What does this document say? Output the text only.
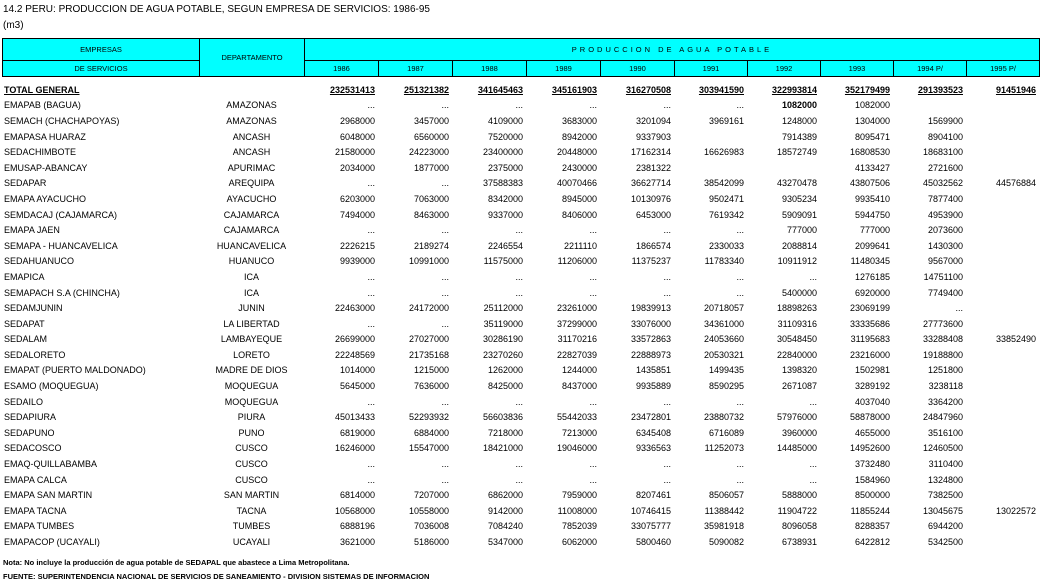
14.2 PERU: PRODUCCION DE AGUA POTABLE, SEGUN EMPRESA DE SERVICIOS: 1986-95
(m3)
EMPRESAS	DEPARTAMENTO	PRODUCCION DE AGUA POTABLE									
DE SERVICIOS		1986	1987	1988	1989	1990	1991	1992	1993	1994 P/	1995 P/
TOTAL GENERAL		232531413	251321382	341645463	345161903	316270508	303941590	322993814	352179499	291393523	91451946
EMAPAB (BAGUA)	AMAZONAS	...	...	...	...	...	...	1082000	1082000		
SEMACH (CHACHAPOYAS)	AMAZONAS	2968000	3457000	4109000	3683000	3201094	3969161	1248000	1304000	1569900	
EMAPASA HUARAZ	ANCASH	6048000	6560000	7520000	8942000	9337903		7914389	8095471	8904100	
SEDACHIMBOTE	ANCASH	21580000	24223000	23400000	20448000	17162314	16626983	18572749	16808530	18683100	
EMUSAP-ABANCAY	APURIMAC	2034000	1877000	2375000	2430000	2381322			4133427	2721600	
SEDAPAR	AREQUIPA	...	...	37588383	40070466	36627714	38542099	43270478	43807506	45032562	44576884
EMAPA AYACUCHO	AYACUCHO	6203000	7063000	8342000	8945000	10130976	9502471	9305234	9935410	7877400	
SEMDACAJ (CAJAMARCA)	CAJAMARCA	7494000	8463000	9337000	8406000	6453000	7619342	5909091	5944750	4953900	
EMAPA JAEN	CAJAMARCA	...	...	...	...	...	...	777000	777000	2073600	
SEMAPA - HUANCAVELICA	HUANCAVELICA	2226215	2189274	2246554	2211110	1866574	2330033	2088814	2099641	1430300	
SEDAHUANUCO	HUANUCO	9939000	10991000	11575000	11206000	11375237	11783340	10911912	11480345	9567000	
EMAPICA	ICA	...	...	...	...	...	...	...	1276185	14751100	
SEMAPACH S.A (CHINCHA)	ICA	...	...	...	...	...	...	5400000	6920000	7749400	
SEDAMJUNIN	JUNIN	22463000	24172000	25112000	23261000	19839913	20718057	18898263	23069199	...	
SEDAPAT	LA LIBERTAD	...	...	35119000	37299000	33076000	34361000	31109316	33335686	27773600	
SEDALAM	LAMBAYEQUE	26699000	27027000	30286190	31170216	33572863	24053660	30548450	31195683	33288408	33852490
SEDALORETO	LORETO	22248569	21735168	23270260	22827039	22888973	20530321	22840000	23216000	19188800	
EMAPAT (PUERTO MALDONADO)	MADRE DE DIOS	1014000	1215000	1262000	1244000	1435851	1499435	1398320	1502981	1251800	
ESAMO (MOQUEGUA)	MOQUEGUA	5645000	7636000	8425000	8437000	9935889	8590295	2671087	3289192	3238118	
SEDAILO	MOQUEGUA	...	...	...	...	...	...	...	4037040	3364200	
SEDAPIURA	PIURA	45013433	52293932	56603836	55442033	23472801	23880732	57976000	58878000	24847960	
SEDAPUNO	PUNO	6819000	6884000	7218000	7213000	6345408	6716089	3960000	4655000	3516100	
SEDACOSCO	CUSCO	16246000	15547000	18421000	19046000	9336563	11252073	14485000	14952600	12460500	
EMAQ-QUILLABAMBA	CUSCO	...	...	...	...	...	...	...	3732480	3110400	
EMAPA CALCA	CUSCO	...	...	...	...	...	...	...	1584960	1324800	
EMAPA SAN MARTIN	SAN MARTIN	6814000	7207000	6862000	7959000	8207461	8506057	5888000	8500000	7382500	
EMAPA TACNA	TACNA	10568000	10558000	9142000	11008000	10746415	11388442	11904722	11855244	13045675	13022572
EMAPA TUMBES	TUMBES	6888196	7036008	7084240	7852039	33075777	35981918	8096058	8288357	6944200	
EMAPACOP (UCAYALI)	UCAYALI	3621000	5186000	5347000	6062000	5800460	5090082	6738931	6422812	5342500	
Nota: No incluye la producción de agua potable de SEDAPAL que abastece a Lima Metropolitana.
FUENTE: SUPERINTENDENCIA NACIONAL DE SERVICIOS DE SANEAMIENTO - DIVISION SISTEMAS DE INFORMACION
